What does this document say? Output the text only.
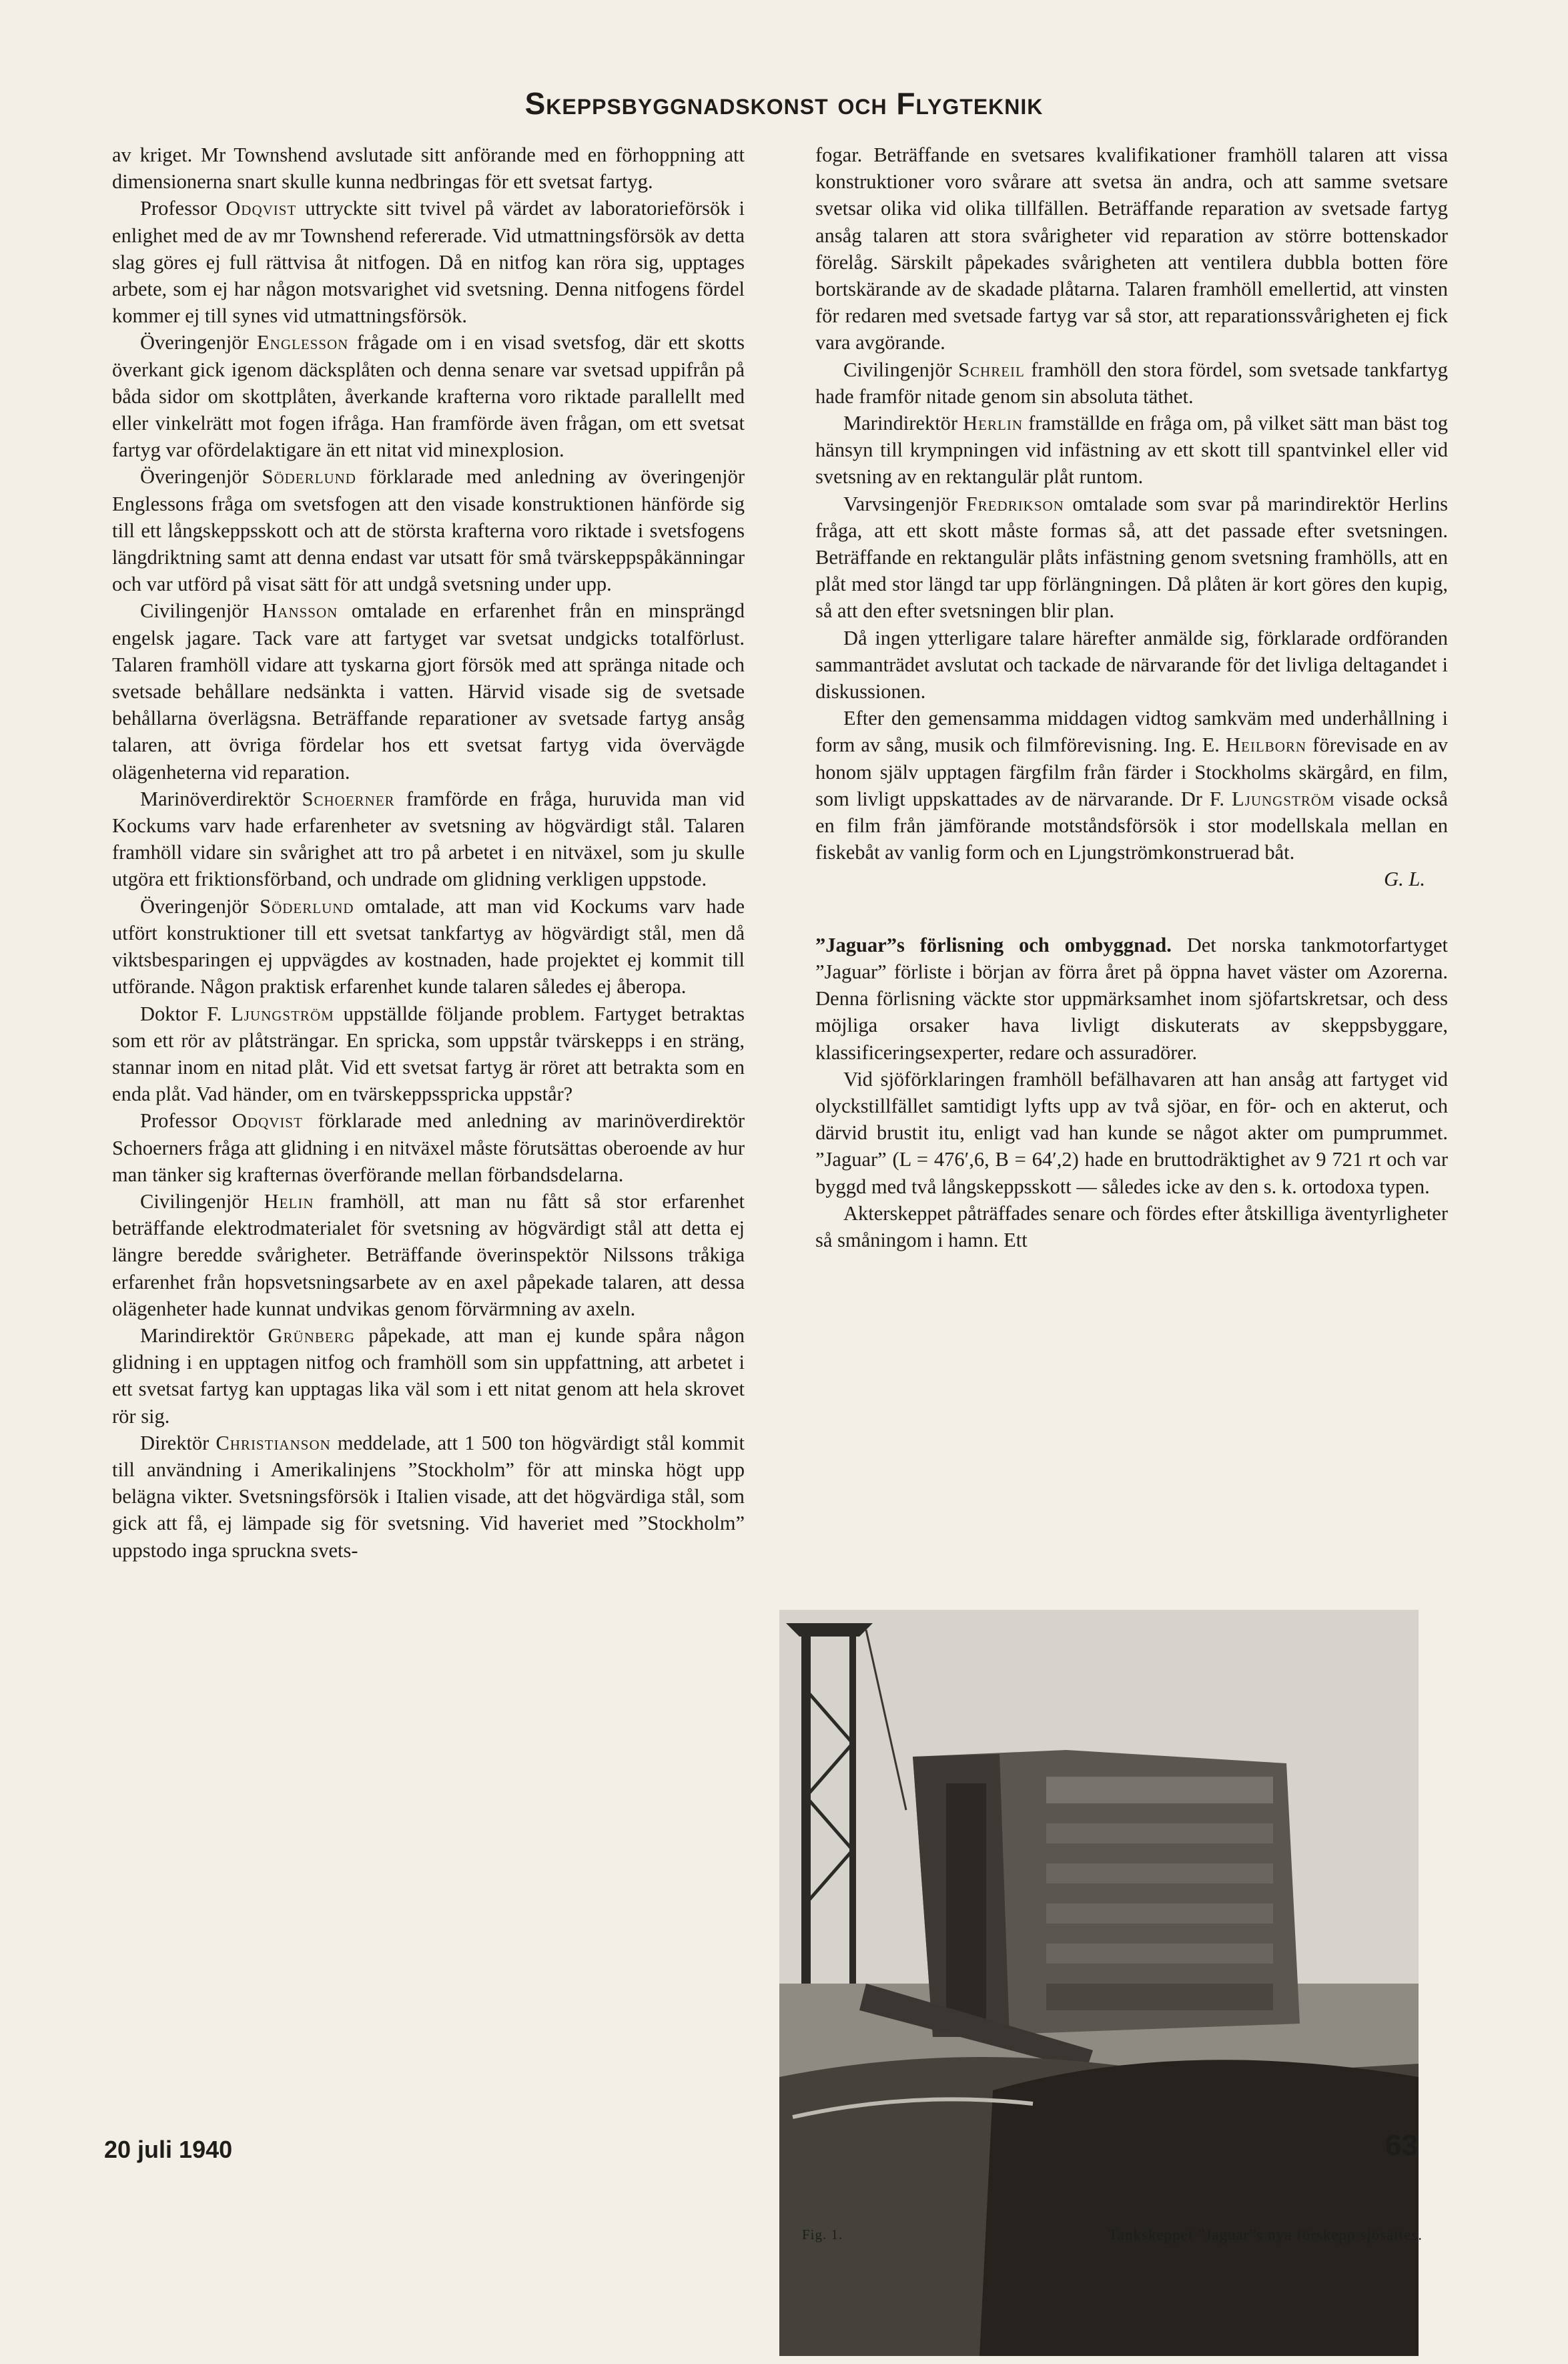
Skeppsbyggnadskonst och Flygteknik

av kriget. Mr Townshend avslutade sitt anförande med en förhoppning att dimensionerna snart skulle kunna nedbringas för ett svetsat fartyg.

Professor Odqvist uttryckte sitt tvivel på värdet av laboratorieförsök i enlighet med de av mr Townshend refererade. Vid utmattningsförsök av detta slag göres ej full rättvisa åt nitfogen. Då en nitfog kan röra sig, upptages arbete, som ej har någon motsvarighet vid svetsning. Denna nitfogens fördel kommer ej till synes vid utmattningsförsök.

Överingenjör Englesson frågade om i en visad svetsfog, där ett skotts överkant gick igenom däcksplåten och denna senare var svetsad uppifrån på båda sidor om skottplåten, åverkande krafterna voro riktade parallellt med eller vinkelrätt mot fogen ifråga. Han framförde även frågan, om ett svetsat fartyg var ofördelaktigare än ett nitat vid minexplosion.

Överingenjör Söderlund förklarade med anledning av överingenjör Englessons fråga om svetsfogen att den visade konstruktionen hänförde sig till ett långskeppsskott och att de största krafterna voro riktade i svetsfogens längdriktning samt att denna endast var utsatt för små tvärskeppspåkänningar och var utförd på visat sätt för att undgå svetsning under upp.

Civilingenjör Hansson omtalade en erfarenhet från en minsprängd engelsk jagare. Tack vare att fartyget var svetsat undgicks totalförlust. Talaren framhöll vidare att tyskarna gjort försök med att spränga nitade och svetsade behållare nedsänkta i vatten. Härvid visade sig de svetsade behållarna överlägsna. Beträffande reparationer av svetsade fartyg ansåg talaren, att övriga fördelar hos ett svetsat fartyg vida övervägde olägenheterna vid reparation.

Marinöverdirektör Schoerner framförde en fråga, huruvida man vid Kockums varv hade erfarenheter av svetsning av högvärdigt stål. Talaren framhöll vidare sin svårighet att tro på arbetet i en nitväxel, som ju skulle utgöra ett friktionsförband, och undrade om glidning verkligen uppstode.

Överingenjör Söderlund omtalade, att man vid Kockums varv hade utfört konstruktioner till ett svetsat tankfartyg av högvärdigt stål, men då viktsbesparingen ej uppvägdes av kostnaden, hade projektet ej kommit till utförande. Någon praktisk erfarenhet kunde talaren således ej åberopa.

Doktor F. Ljungström uppställde följande problem. Fartyget betraktas som ett rör av plåtsträngar. En spricka, som uppstår tvärskepps i en sträng, stannar inom en nitad plåt. Vid ett svetsat fartyg är röret att betrakta som en enda plåt. Vad händer, om en tvärskeppsspricka uppstår?

Professor Odqvist förklarade med anledning av marinöverdirektör Schoerners fråga att glidning i en nitväxel måste förutsättas oberoende av hur man tänker sig krafternas överförande mellan förbandsdelarna.

Civilingenjör Helin framhöll, att man nu fått så stor erfarenhet beträffande elektrodmaterialet för svetsning av högvärdigt stål att detta ej längre beredde svårigheter. Beträffande överinspektör Nilssons tråkiga erfarenhet från hopsvetsningsarbete av en axel påpekade talaren, att dessa olägenheter hade kunnat undvikas genom förvärmning av axeln.

Marindirektör Grünberg påpekade, att man ej kunde spåra någon glidning i en upptagen nitfog och framhöll som sin uppfattning, att arbetet i ett svetsat fartyg kan upptagas lika väl som i ett nitat genom att hela skrovet rör sig.

Direktör Christianson meddelade, att 1 500 ton högvärdigt stål kommit till användning i Amerikalinjens ”Stockholm” för att minska högt upp belägna vikter. Svetsningsförsök i Italien visade, att det högvärdiga stål, som gick att få, ej lämpade sig för svetsning. Vid haveriet med ”Stockholm” uppstodo inga spruckna svets-

fogar. Beträffande en svetsares kvalifikationer framhöll talaren att vissa konstruktioner voro svårare att svetsa än andra, och att samme svetsare svetsar olika vid olika tillfällen. Beträffande reparation av svetsade fartyg ansåg talaren att stora svårigheter vid reparation av större bottenskador förelåg. Särskilt påpekades svårigheten att ventilera dubbla botten före bortskärande av de skadade plåtarna. Talaren framhöll emellertid, att vinsten för redaren med svetsade fartyg var så stor, att reparationssvårigheten ej fick vara avgörande.

Civilingenjör Schreil framhöll den stora fördel, som svetsade tankfartyg hade framför nitade genom sin absoluta täthet.

Marindirektör Herlin framställde en fråga om, på vilket sätt man bäst tog hänsyn till krympningen vid infästning av ett skott till spantvinkel eller vid svetsning av en rektangulär plåt runtom.

Varvsingenjör Fredrikson omtalade som svar på marindirektör Herlins fråga, att ett skott måste formas så, att det passade efter svetsningen. Beträffande en rektangulär plåts infästning genom svetsning framhölls, att en plåt med stor längd tar upp förlängningen. Då plåten är kort göres den kupig, så att den efter svetsningen blir plan.

Då ingen ytterligare talare härefter anmälde sig, förklarade ordföranden sammanträdet avslutat och tackade de närvarande för det livliga deltagandet i diskussionen.

Efter den gemensamma middagen vidtog samkväm med underhållning i form av sång, musik och filmförevisning. Ing. E. Heilborn förevisade en av honom själv upptagen färgfilm från färder i Stockholms skärgård, en film, som livligt uppskattades av de närvarande. Dr F. Ljungström visade också en film från jämförande motståndsförsök i stor modellskala mellan en fiskebåt av vanlig form och en Ljungströmkonstruerad båt.

G. L.

”Jaguar”s förlisning och ombyggnad. Det norska tankmotorfartyget ”Jaguar” förliste i början av förra året på öppna havet väster om Azorerna. Denna förlisning väckte stor uppmärksamhet inom sjöfartskretsar, och dess möjliga orsaker hava livligt diskuterats av skeppsbyggare, klassificeringsexperter, redare och assuradörer.

Vid sjöförklaringen framhöll befälhavaren att han ansåg att fartyget vid olyckstillfället samtidigt lyfts upp av två sjöar, en för- och en akterut, och därvid brustit itu, enligt vad han kunde se något akter om pumprummet. ”Jaguar” (L = 476′,6, B = 64′,2) hade en bruttodräktighet av 9 721 rt och var byggd med två långskeppsskott — således icke av den s. k. ortodoxa typen.

Akterskeppet påträffades senare och fördes efter åtskilliga äventyrligheter så småningom i hamn. Ett

Fig. 1.	Tankskeppet ”Jaguar”s nya förskepp sjösättes.
20 juli 1940	63
